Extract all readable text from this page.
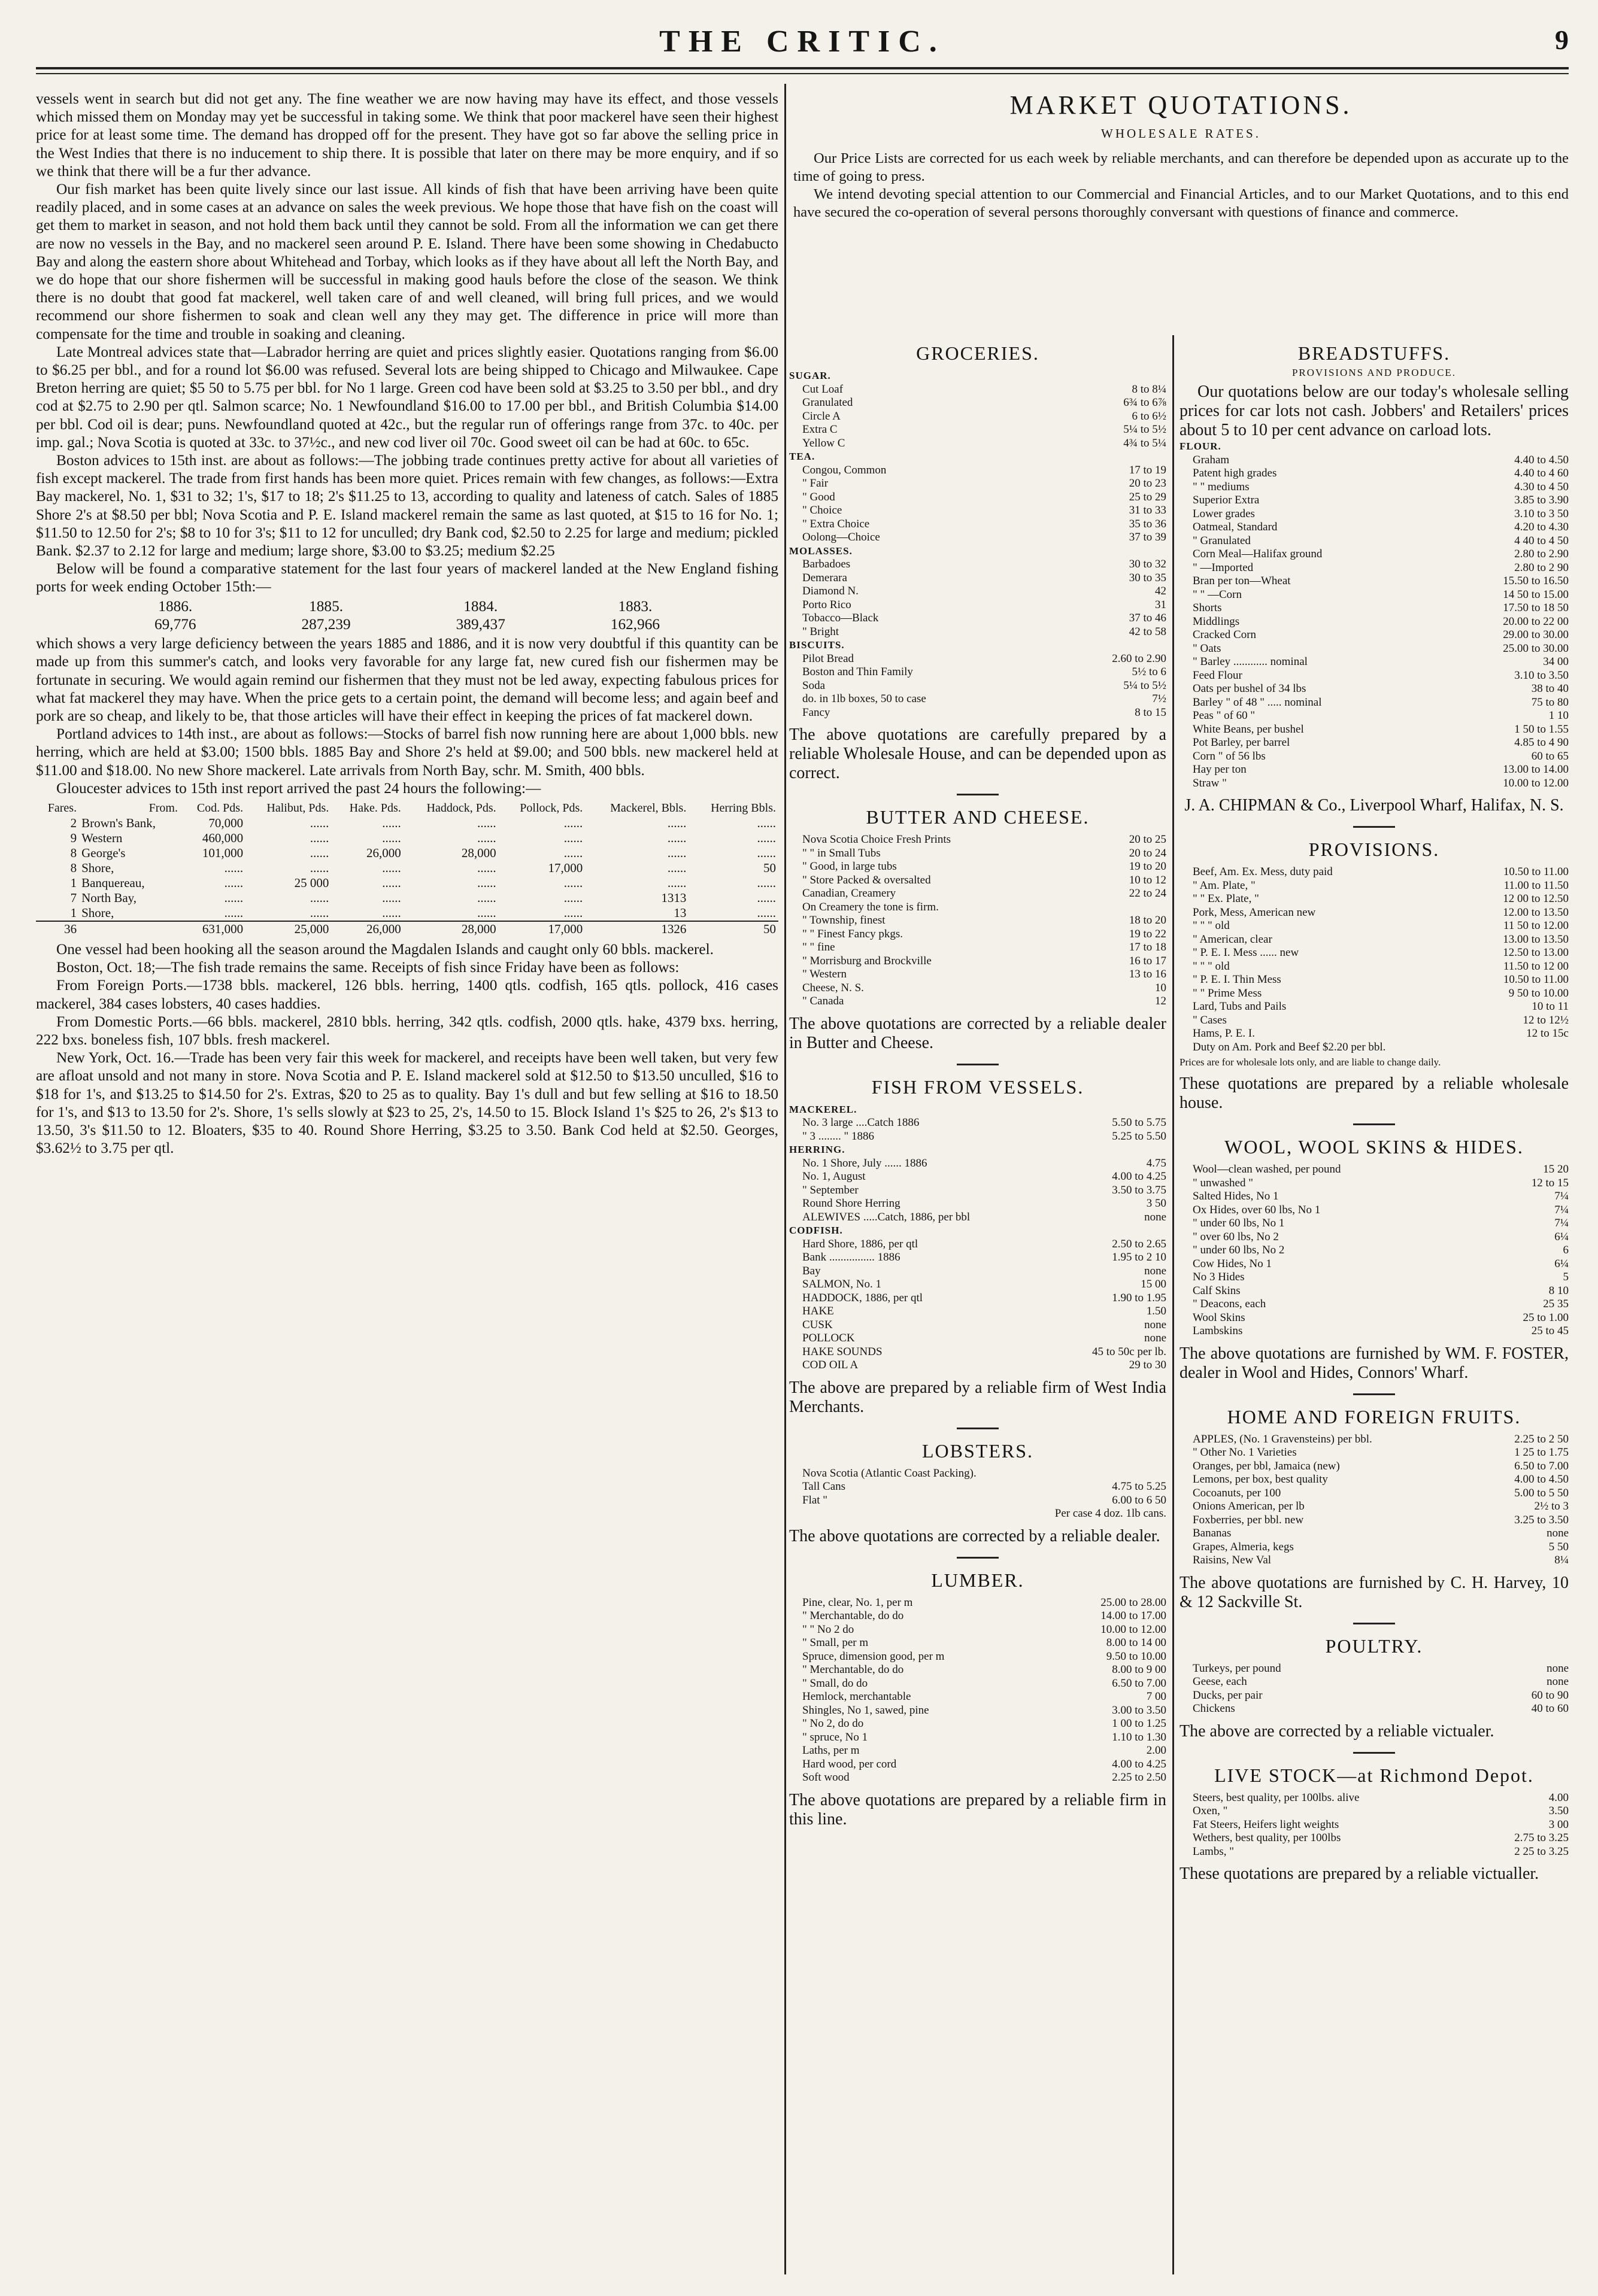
THE CRITIC.	9

vessels went in search but did not get any. The fine weather we are now having may have its effect, and those vessels which missed them on Monday may yet be successful in taking some. We think that poor mackerel have seen their highest price for at least some time. The demand has dropped off for the present. They have got so far above the selling price in the West Indies that there is no inducement to ship there. It is possible that later on there may be more enquiry, and if so we think that there will be a fur ther advance.

Our fish market has been quite lively since our last issue. All kinds of fish that have been arriving have been quite readily placed, and in some cases at an advance on sales the week previous. We hope those that have fish on the coast will get them to market in season, and not hold them back until they cannot be sold. From all the information we can get there are now no vessels in the Bay, and no mackerel seen around P. E. Island. There have been some showing in Chedabucto Bay and along the eastern shore about Whitehead and Torbay, which looks as if they have about all left the North Bay, and we do hope that our shore fishermen will be successful in making good hauls before the close of the season. We think there is no doubt that good fat mackerel, well taken care of and well cleaned, will bring full prices, and we would recommend our shore fishermen to soak and clean well any they may get. The difference in price will more than compensate for the time and trouble in soaking and cleaning.

Late Montreal advices state that—Labrador herring are quiet and prices slightly easier. Quotations ranging from $6.00 to $6.25 per bbl., and for a round lot $6.00 was refused. Several lots are being shipped to Chicago and Milwaukee. Cape Breton herring are quiet; $5 50 to 5.75 per bbl. for No 1 large. Green cod have been sold at $3.25 to 3.50 per bbl., and dry cod at $2.75 to 2.90 per qtl. Salmon scarce; No. 1 Newfoundland $16.00 to 17.00 per bbl., and British Columbia $14.00 per bbl. Cod oil is dear; puns. Newfoundland quoted at 42c., but the regular run of offerings range from 37c. to 40c. per imp. gal.; Nova Scotia is quoted at 33c. to 37½c., and new cod liver oil 70c. Good sweet oil can be had at 60c. to 65c.

Boston advices to 15th inst. are about as follows:—The jobbing trade continues pretty active for about all varieties of fish except mackerel. The trade from first hands has been more quiet. Prices remain with few changes, as follows:—Extra Bay mackerel, No. 1, $31 to 32; 1's, $17 to 18; 2's $11.25 to 13, according to quality and lateness of catch. Sales of 1885 Shore 2's at $8.50 per bbl; Nova Scotia and P. E. Island mackerel remain the same as last quoted, at $15 to 16 for No. 1; $11.50 to 12.50 for 2's; $8 to 10 for 3's; $11 to 12 for unculled; dry Bank cod, $2.50 to 2.25 for large and medium; pickled Bank. $2.37 to 2.12 for large and medium; large shore, $3.00 to $3.25; medium $2.25

Below will be found a comparative statement for the last four years of mackerel landed at the New England fishing ports for week ending October 15th:—

1886.
69,776
1885.
287,239
1884.
389,437
1883.
162,966

which shows a very large deficiency between the years 1885 and 1886, and it is now very doubtful if this quantity can be made up from this summer's catch, and looks very favorable for any large fat, new cured fish our fishermen may be fortunate in securing. We would again remind our fishermen that they must not be led away, expecting fabulous prices for what fat mackerel they may have. When the price gets to a certain point, the demand will become less; and again beef and pork are so cheap, and likely to be, that those articles will have their effect in keeping the prices of fat mackerel down.

Portland advices to 14th inst., are about as follows:—Stocks of barrel fish now running here are about 1,000 bbls. new herring, which are held at $3.00; 1500 bbls. 1885 Bay and Shore 2's held at $9.00; and 500 bbls. new mackerel held at $11.00 and $18.00. No new Shore mackerel. Late arrivals from North Bay, schr. M. Smith, 400 bbls.

Gloucester advices to 15th inst report arrived the past 24 hours the following:—

Fares.	From.	Cod. Pds.	Halibut, Pds.	Hake. Pds.	Haddock, Pds.	Pollock, Pds.	Mackerel, Bbls.	Herring Bbls.
2	Brown's Bank,	70,000	......	......	......	......	......	......
9	Western	460,000	......	......	......	......	......	......
8	George's	101,000	......	26,000	28,000	......	......	......
8	Shore,	......	......	......	......	17,000	......	50
1	Banquereau,	......	25 000	......	......	......	......	......
7	North Bay,	......	......	......	......	......	1313	......
1	Shore,	......	......	......	......	......	13	......
36		631,000	25,000	26,000	28,000	17,000	1326	50

One vessel had been hooking all the season around the Magdalen Islands and caught only 60 bbls. mackerel.

Boston, Oct. 18;—The fish trade remains the same. Receipts of fish since Friday have been as follows:

From Foreign Ports.—1738 bbls. mackerel, 126 bbls. herring, 1400 qtls. codfish, 165 qtls. pollock, 416 cases mackerel, 384 cases lobsters, 40 cases haddies.

From Domestic Ports.—66 bbls. mackerel, 2810 bbls. herring, 342 qtls. codfish, 2000 qtls. hake, 4379 bxs. herring, 222 bxs. boneless fish, 107 bbls. fresh mackerel.

New York, Oct. 16.—Trade has been very fair this week for mackerel, and receipts have been well taken, but very few are afloat unsold and not many in store. Nova Scotia and P. E. Island mackerel sold at $12.50 to $13.50 unculled, $16 to $18 for 1's, and $13.25 to $14.50 for 2's. Extras, $20 to 25 as to quality. Bay 1's dull and but few selling at $16 to 18.50 for 1's, and $13 to 13.50 for 2's. Shore, 1's sells slowly at $23 to 25, 2's, 14.50 to 15. Block Island 1's $25 to 26, 2's $13 to 13.50, 3's $11.50 to 12. Bloaters, $35 to 40. Round Shore Herring, $3.25 to 3.50. Bank Cod held at $2.50. Georges, $3.62½ to 3.75 per qtl.

MARKET QUOTATIONS.
WHOLESALE RATES.

Our Price Lists are corrected for us each week by reliable merchants, and can therefore be depended upon as accurate up to the time of going to press.

We intend devoting special attention to our Commercial and Financial Articles, and to our Market Quotations, and to this end have secured the co-operation of several persons thoroughly conversant with questions of finance and commerce.

GROCERIES.
SUGAR.	
Cut Loaf	8 to 8¼
Granulated	6¾ to 6⅞
Circle A	6 to 6½
Extra C	5¼ to 5½
Yellow C	4¾ to 5¼
TEA.	
Congou, Common	17 to 19
" Fair	20 to 23
" Good	25 to 29
" Choice	31 to 33
" Extra Choice	35 to 36
Oolong—Choice	37 to 39
MOLASSES.	
Barbadoes	30 to 32
Demerara	30 to 35
Diamond N.	42
Porto Rico	31
Tobacco—Black	37 to 46
" Bright	42 to 58
BISCUITS.	
Pilot Bread	2.60 to 2.90
Boston and Thin Family	5½ to 6
Soda	5¼ to 5½
do. in 1lb boxes, 50 to case	7½
Fancy	8 to 15
The above quotations are carefully prepared by a reliable Wholesale House, and can be depended upon as correct.
BUTTER AND CHEESE.
Nova Scotia Choice Fresh Prints	20 to 25
" " in Small Tubs	20 to 24
" Good, in large tubs	19 to 20
" Store Packed & oversalted	10 to 12
Canadian, Creamery	22 to 24
On Creamery the tone is firm.	
" Township, finest	18 to 20
" " Finest Fancy pkgs.	19 to 22
" " fine	17 to 18
" Morrisburg and Brockville	16 to 17
" Western	13 to 16
Cheese, N. S.	10
" Canada	12
The above quotations are corrected by a reliable dealer in Butter and Cheese.
FISH FROM VESSELS.
MACKEREL.	
No. 3 large ....Catch 1886	5.50 to 5.75
" 3 ........ " 1886	5.25 to 5.50
HERRING.	
No. 1 Shore, July ...... 1886	4.75
No. 1, August	4.00 to 4.25
" September	3.50 to 3.75
Round Shore Herring	3 50
ALEWIVES .....Catch, 1886, per bbl	none
CODFISH.	
Hard Shore, 1886, per qtl	2.50 to 2.65
Bank ................ 1886	1.95 to 2 10
Bay	none
SALMON, No. 1	15 00
HADDOCK, 1886, per qtl	1.90 to 1.95
HAKE	1.50
CUSK	none
POLLOCK	none
HAKE SOUNDS	45 to 50c per lb.
COD OIL A	29 to 30
The above are prepared by a reliable firm of West India Merchants.
LOBSTERS.
Nova Scotia (Atlantic Coast Packing).	
Tall Cans	4.75 to 5.25
Flat "	6.00 to 6 50
	Per case 4 doz. 1lb cans.
The above quotations are corrected by a reliable dealer.
LUMBER.
Pine, clear, No. 1, per m	25.00 to 28.00
" Merchantable, do do	14.00 to 17.00
" " No 2 do	10.00 to 12.00
" Small, per m	8.00 to 14 00
Spruce, dimension good, per m	9.50 to 10.00
" Merchantable, do do	8.00 to 9 00
" Small, do do	6.50 to 7.00
Hemlock, merchantable	7 00
Shingles, No 1, sawed, pine	3.00 to 3.50
" No 2, do do	1 00 to 1.25
" spruce, No 1	1.10 to 1.30
Laths, per m	2.00
Hard wood, per cord	4.00 to 4.25
Soft wood	2.25 to 2.50
The above quotations are prepared by a reliable firm in this line.
BREADSTUFFS.
PROVISIONS AND PRODUCE.
Our quotations below are our today's wholesale selling prices for car lots not cash. Jobbers' and Retailers' prices about 5 to 10 per cent advance on carload lots.
FLOUR.	
Graham	4.40 to 4.50
Patent high grades	4.40 to 4 60
" " mediums	4.30 to 4 50
Superior Extra	3.85 to 3.90
Lower grades	3.10 to 3 50
Oatmeal, Standard	4.20 to 4.30
" Granulated	4 40 to 4 50
Corn Meal—Halifax ground	2.80 to 2.90
" —Imported	2.80 to 2 90
Bran per ton—Wheat	15.50 to 16.50
" " —Corn	14 50 to 15.00
Shorts	17.50 to 18 50
Middlings	20.00 to 22 00
Cracked Corn	29.00 to 30.00
" Oats	25.00 to 30.00
" Barley ............ nominal	34 00
Feed Flour	3.10 to 3.50
Oats per bushel of 34 lbs	38 to 40
Barley " of 48 " ..... nominal	75 to 80
Peas " of 60 "	1 10
White Beans, per bushel	1 50 to 1.55
Pot Barley, per barrel	4.85 to 4 90
Corn " of 56 lbs	60 to 65
Hay per ton	13.00 to 14.00
Straw "	10.00 to 12.00
J. A. CHIPMAN & Co., Liverpool Wharf, Halifax, N. S.
PROVISIONS.
Beef, Am. Ex. Mess, duty paid	10.50 to 11.00
" Am. Plate, "	11.00 to 11.50
" " Ex. Plate, "	12 00 to 12.50
Pork, Mess, American new	12.00 to 13.50
" " " old	11 50 to 12.00
" American, clear	13.00 to 13.50
" P. E. I. Mess ...... new	12.50 to 13.00
" " " old	11.50 to 12 00
" P. E. I. Thin Mess	10.50 to 11.00
" " Prime Mess	9 50 to 10.00
Lard, Tubs and Pails	10 to 11
" Cases	12 to 12½
Hams, P. E. I.	12 to 15c
Duty on Am. Pork and Beef $2.20 per bbl.	
Prices are for wholesale lots only, and are liable to change daily.
These quotations are prepared by a reliable wholesale house.
WOOL, WOOL SKINS & HIDES.
Wool—clean washed, per pound	15 20
" unwashed "	12 to 15
Salted Hides, No 1	7¼
Ox Hides, over 60 lbs, No 1	7¼
" under 60 lbs, No 1	7¼
" over 60 lbs, No 2	6¼
" under 60 lbs, No 2	6
Cow Hides, No 1	6¼
No 3 Hides	5
Calf Skins	8 10
" Deacons, each	25 35
Wool Skins	25 to 1.00
Lambskins	25 to 45
The above quotations are furnished by WM. F. FOSTER, dealer in Wool and Hides, Connors' Wharf.
HOME AND FOREIGN FRUITS.
APPLES, (No. 1 Gravensteins) per bbl.	2.25 to 2 50
" Other No. 1 Varieties	1 25 to 1.75
Oranges, per bbl, Jamaica (new)	6.50 to 7.00
Lemons, per box, best quality	4.00 to 4.50
Cocoanuts, per 100	5.00 to 5 50
Onions American, per lb	2½ to 3
Foxberries, per bbl. new	3.25 to 3.50
Bananas	none
Grapes, Almeria, kegs	5 50
Raisins, New Val	8¼
The above quotations are furnished by C. H. Harvey, 10 & 12 Sackville St.
POULTRY.
Turkeys, per pound	none
Geese, each	none
Ducks, per pair	60 to 90
Chickens	40 to 60
The above are corrected by a reliable victualer.
LIVE STOCK—at Richmond Depot.
Steers, best quality, per 100lbs. alive	4.00
Oxen, "	3.50
Fat Steers, Heifers light weights	3 00
Wethers, best quality, per 100lbs	2.75 to 3.25
Lambs, "	2 25 to 3.25
These quotations are prepared by a reliable victualler.
